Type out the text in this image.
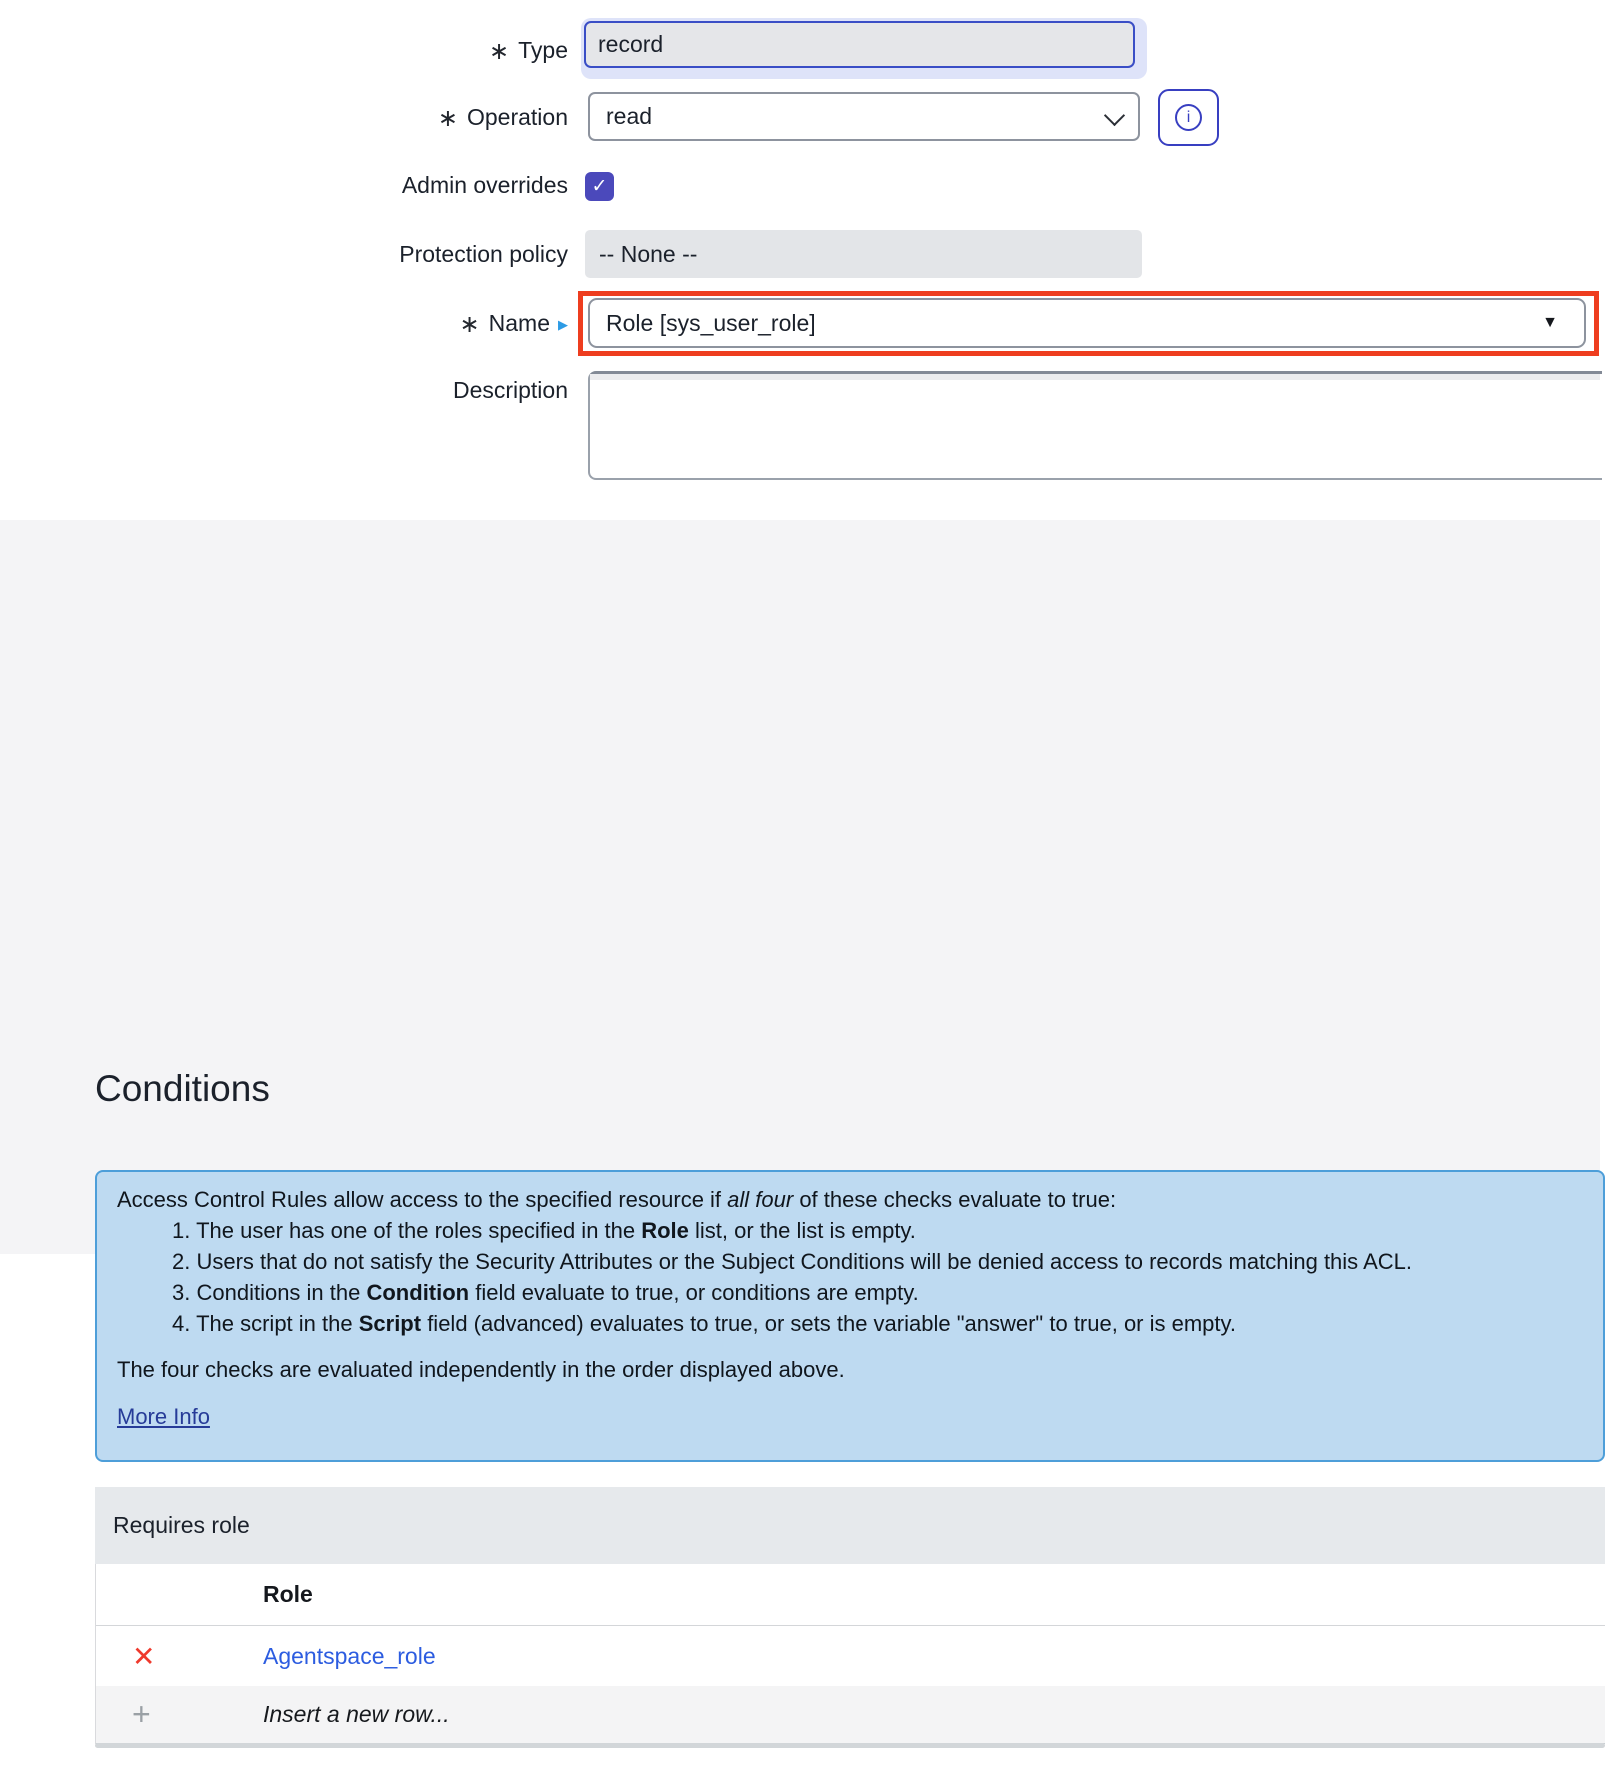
∗ Type record
∗ Operation read	i
Admin overrides ✓
Protection policy -- None --
∗ Name ▶ Role [sys_user_role]	▼
Description
Conditions
Access Control Rules allow access to the specified resource if all four of these checks evaluate to true:
1. The user has one of the roles specified in the Role list, or the list is empty.
2. Users that do not satisfy the Security Attributes or the Subject Conditions will be denied access to records matching this ACL.
3. Conditions in the Condition field evaluate to true, or conditions are empty.
4. The script in the Script field (advanced) evaluates to true, or sets the variable "answer" to true, or is empty.
The four checks are evaluated independently in the order displayed above.
More Info
Requires role
Role
✕	Agentspace_role
+	Insert a new row...
